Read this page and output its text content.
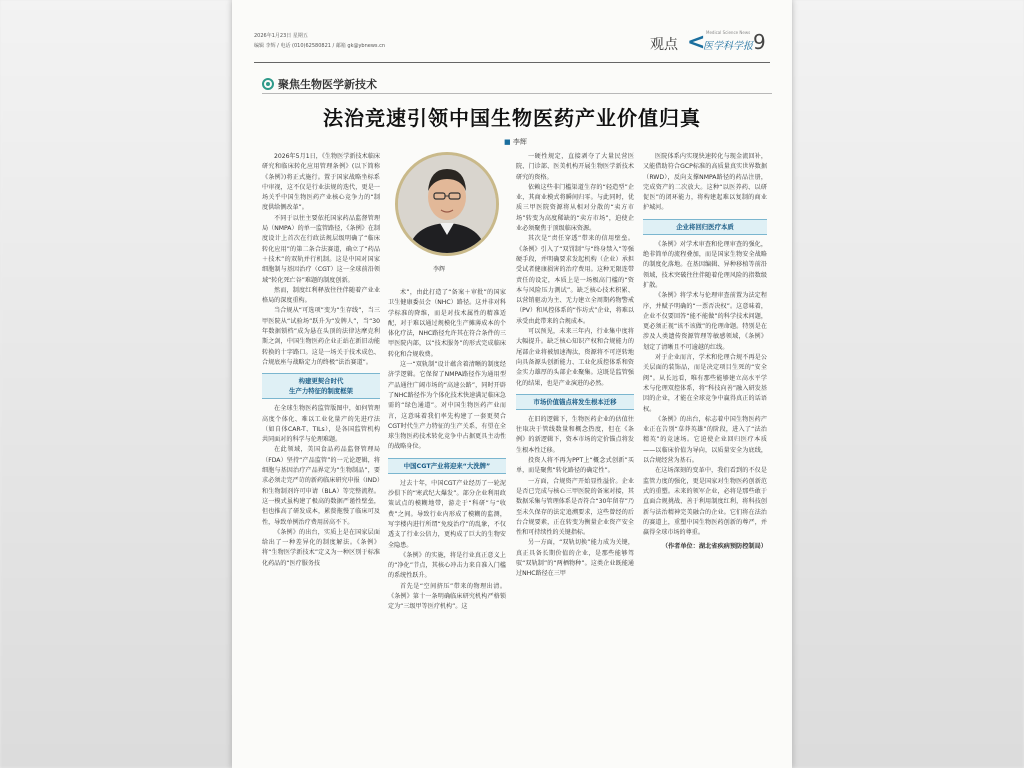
2026年1月23日 星期五
编辑 李辉 / 电话 (010)62580821 / 邮箱 gk@ybnews.cn	观点 < Medical Science News
医学科学报 9
聚焦生物医学新技术
法治竞速引领中国生物医药产业价值归真
■ 李辉

2026年5月1日，《生物医学新技术临床研究和临床转化应用管理条例》(以下简称《条例》)将正式施行。置于国家战略坐标系中审视，这不仅是行业法规的迭代，更是一场关乎中国生物医药产业核心竞争力的“制度供给侧改革”。

不同于以往主要依托国家药品监督管理局（NMPA）的单一监管路径，《条例》在制度设计上首次在行政法规层级明确了“临床转化应用”的第二条合法赛道，确立了“药品＋技术”的双轨并行机制。这是中国对国家细胞制与基因治疗（CGT）这一全球前沿领域“转化死亡谷”难题的制度创新。

然而，制度红利释放往往伴随着产业业格局的深度重构。

当合规从“可选项”变为“生存线”，当三甲医院从“试验场”跃升为“发牌人”，当“30年数据锁档”成为悬在头顶的法律达摩克利斯之剑，中国生物医药企业正站在新旧动能转换的十字路口。这是一场关于技术成色、合规底座与战略定力的终极“法治赛道”。

构建更契合时代
生产力特征的制度框架

在全球生物医药监管版图中，如何管理高度个体化、难以工业化量产的先进疗法（如自体CAR-T、TILs），是各国监管机构共同面对的科学与伦理难题。

在此领域，美国食品药品监督管理局（FDA）坚持“产品监管”的一元论逻辑，将细胞与基因治疗产品界定为“生物制品”，要求必须走完严苛的新药临床研究申报（IND）和生物制剂许可申请（BLA）等完整流程。这一模式虽构建了极高的数据严谨性壁垒，但也推高了研发成本，累赘拖慢了临床可及性，导致单例治疗费用居高不下。

《条例》的出台，实质上是在国家层面给出了一种差异化的制度解法。《条例》将“生物医学新技术”定义为一种区别于标准化药品的“医疗服务技

李辉

术”，由此打造了“备案＋审批”的国家卫生健康委员会（NHC）路径。这并非对科学标准的降维，而是对技术属性的精准适配，对于难以通过规模化生产摊薄成本的个体化疗法，NHC路径允许其在符合条件的三甲医院内部，以“技术服务”的形式完成临床转化和合规收费。

这一“双轨制”设计蕴含着清晰的制度经济学逻辑。它保留了NMPA路径作为通用型产品通往广阔市场的“高速公路”，同时开辟了NHC路径作为个体化技术快速满足临床急需的“绿色通道”。对中国生物医药产业而言，这意味着我们率先构建了一套更契合CGT时代生产力特征的生产关系，有望在全球生物医药技术转化竞争中占据更具主动性的战略身位。

中国CGT产业将迎来“大洗牌”

过去十年，中国CGT产业经历了一轮泥沙俱下的“寒武纪大爆发”。部分企业利用政策试点的模糊地带，游走于“科研”与“收费”之间。导致行业内形成了模糊的监测，写字楼内进行所谓“免疫治疗”的乱象，不仅透支了行业公信力，更构成了巨大的生物安全隐患。

《条例》的实施，将是行业真正意义上的“净化”节点，其核心冲击力来自准入门槛的系统性跃升。

首先是“空间挤压”带来的物理出清。《条例》第十一条明确临床研究机构严格锁定为“三级甲等医疗机构”。这

一硬性规定，直接剥夺了大量民营医院、门诊部、医美机构开展生物医学新技术研究的资格。

依赖这些非门槛渠道生存的“轻造型”企业，其商业模式将瞬间归零。与此同时，优质三甲医院资源将从相对分散的“卖方市场”转变为高度稀缺的“卖方市场”，迫使企业必须聚焦于顶级临床资源。

其次是“责任穿透”带来的信用壁垒。《条例》引入了“双罚制”与“终身禁入”等强硬手段，并明确要求发起机构（企业）承担受试者健康损害的治疗费用。这种无限连带责任的设定，本质上是一场极高门槛的“资本与风险压力测试”。缺乏核心技术积累、以营销驱动为主、无力建立全周期药物警戒（PV）和风控体系的“作坊式”企业，将难以承受由此带来的合规成本。

可以预见，未来三年内，行业集中度将大幅提升。缺乏核心知识产权和合规能力的尾部企业将被加速淘汰，资源将不可逆转地向具备源头创新能力、工业化质控体系和资金实力雄厚的头部企业聚集。这既是监管强化的结果，也是产业演进的必然。

市场价值锚点将发生根本迁移

在旧的逻辑下，生物医药企业的估值往往取决于管线数量和概念热度，但在《条例》的新逻辑下，资本市场的定价锚点将发生根本性迁移。

投资人将不再为PPT上“概念式创新”买单，而是聚焦“转化路径的确定性”。

一方面，合规资产开始显性溢价。企业是否已完成与核心三甲医院的备案对接，其数据采集与管理体系是否符合“30年留存”乃至未久保存的法定追溯要求，这些曾经的后台合规要素，正在转变为衡量企业资产安全性和可持续性的关键指标。

另一方面，“双轨切换”能力成为关键，真正具备长期价值的企业，是那些能够驾驭“双轨制”的“两栖物种”。这类企业既能通过NHC路径在三甲

医院体系内实现快速转化与现金流回补，又能借助符合GCP标准的高质量真实世界数据（RWD），反向支撑NMPA路径的药品注册，完成资产的二次放大。这种“以医养药、以研促医”的闭环能力，将构建起难以复制的商业护城河。

企业将回归医疗本质

《条例》对学术审查和伦理审查的强化，绝非简单的流程叠加，而是国家生物安全战略的制度化落地。在基因编辑、异种移植等前沿领域，技术突破往往伴随着伦理风险的指数级扩散。

《条例》将学术与伦理审查前置为法定程序，并赋予明确的“一票否决权”。这意味着，企业不仅要回答“能不能做”的科学技术问题，更必须正视“该不该做”的伦理命题。特别是在涉及人类遗传资源管理等敏感领域，《条例》划定了清晰且不可逾越的红线。

对于企业而言，学术和伦理合规不再是公关层面的装饰品，而是决定项目生死的“安全阀”。从长远看，唯有那些能够建立高水平学术与伦理双控体系，将“科技向善”融入研发基因的企业，才能在全球竞争中赢得真正的话语权。

《条例》的出台，标志着中国生物医药产业正在告别“草莽英雄”的阶段，进入了“法治精英”的竞速场。它迫使企业回归医疗本质——以临床价值为导向，以质量安全为底线，以合规经营为基石。

在这场深刻的变革中，我们看到的不仅是监管力度的强化，更是国家对生物医药创新范式的重塑。未来的领军企业，必将是那些敢于直面合规挑战、善于利用制度红利，将科技创新与法治精神完美融合的企业。它们将在法治的赛道上，重塑中国生物医药创新的尊严，并赢得全球市场的尊重。

（作者单位：湖北省疾病预防控制局）
